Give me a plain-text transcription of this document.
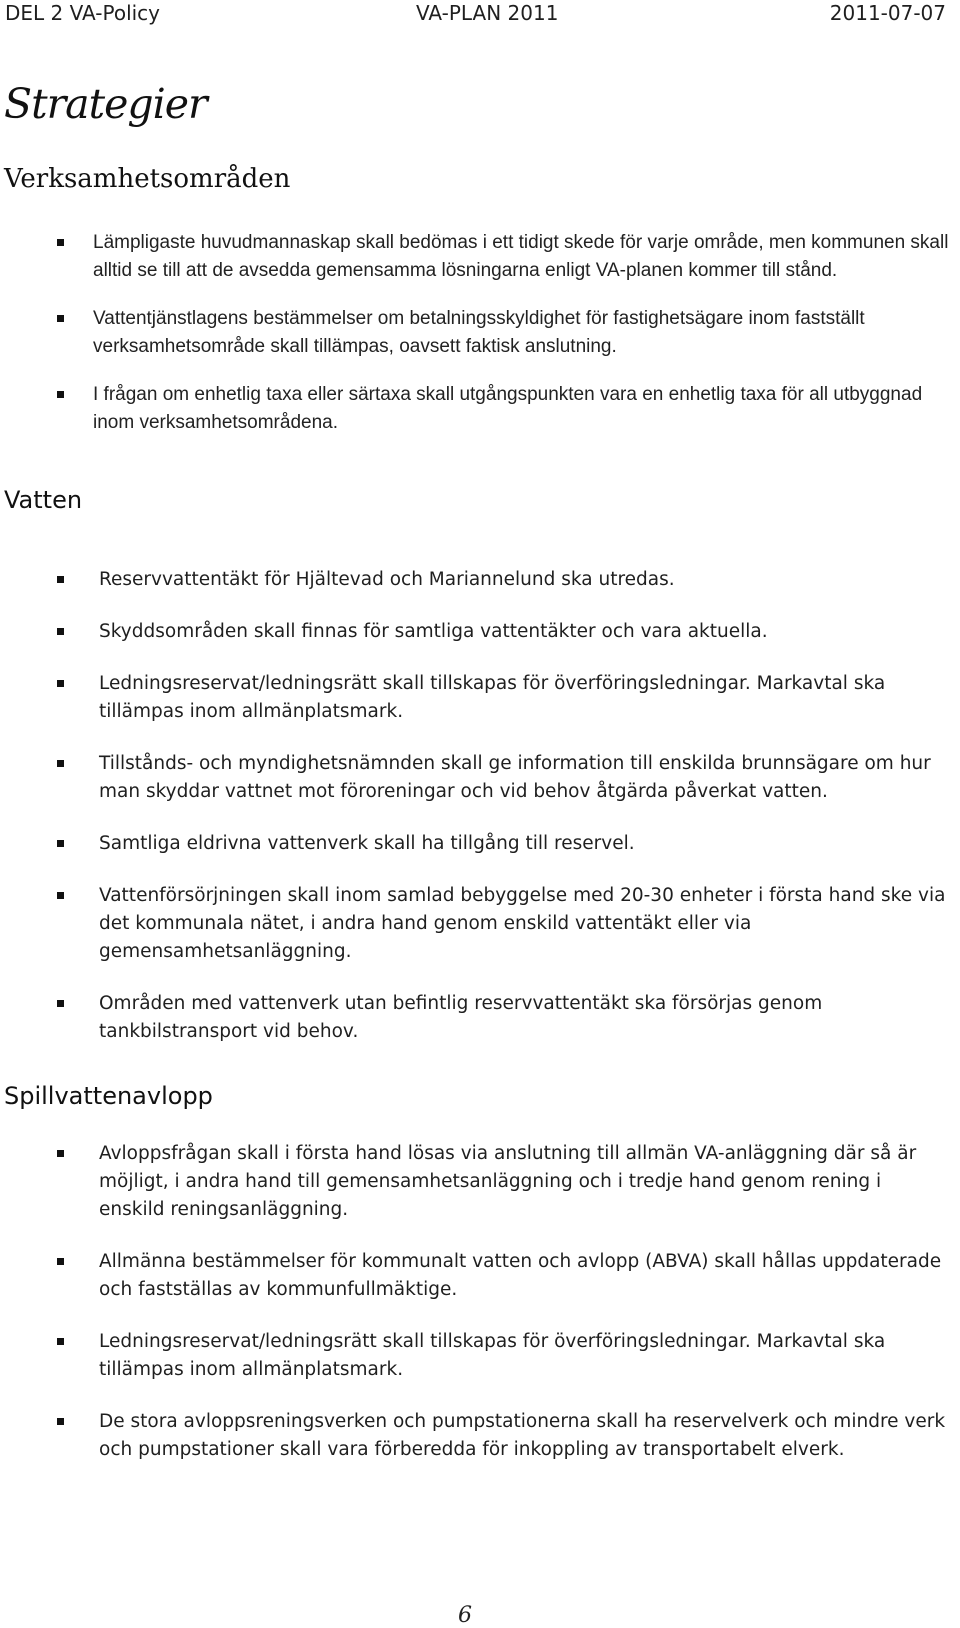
DEL 2 VA-Policy	VA-PLAN 2011	2011-07-07
Strategier
Verksamhetsområden
Lämpligaste huvudmannaskap skall bedömas i ett tidigt skede för varje område, men kommunen skall alltid se till att de avsedda gemensamma lösningarna enligt VA-planen kommer till stånd.
Vattentjänstlagens bestämmelser om betalningsskyldighet för fastighetsägare inom fastställt verksamhetsområde skall tillämpas, oavsett faktisk anslutning.
I frågan om enhetlig taxa eller särtaxa skall utgångspunkten vara en enhetlig taxa för all utbyggnad inom verksamhetsområdena.
Vatten
Reservvattentäkt för Hjältevad och Mariannelund ska utredas.
Skyddsområden skall finnas för samtliga vattentäkter och vara aktuella.
Ledningsreservat/ledningsrätt skall tillskapas för överföringsledningar. Markavtal ska tillämpas inom allmänplatsmark.
Tillstånds- och myndighetsnämnden skall ge information till enskilda brunnsägare om hur man skyddar vattnet mot föroreningar och vid behov åtgärda påverkat vatten.
Samtliga eldrivna vattenverk skall ha tillgång till reservel.
Vattenförsörjningen skall inom samlad bebyggelse med 20-30 enheter i första hand ske via det kommunala nätet, i andra hand genom enskild vattentäkt eller via gemensamhetsanläggning.
Områden med vattenverk utan befintlig reservvattentäkt ska försörjas genom tankbilstransport vid behov.
Spillvattenavlopp
Avloppsfrågan skall i första hand lösas via anslutning till allmän VA-anläggning där så är möjligt, i andra hand till gemensamhetsanläggning och i tredje hand genom rening i enskild reningsanläggning.
Allmänna bestämmelser för kommunalt vatten och avlopp (ABVA) skall hållas uppdaterade och fastställas av kommunfullmäktige.
Ledningsreservat/ledningsrätt skall tillskapas för överföringsledningar. Markavtal ska tillämpas inom allmänplatsmark.
De stora avloppsreningsverken och pumpstationerna skall ha reservelverk och mindre verk och pumpstationer skall vara förberedda för inkoppling av transportabelt elverk.
6
